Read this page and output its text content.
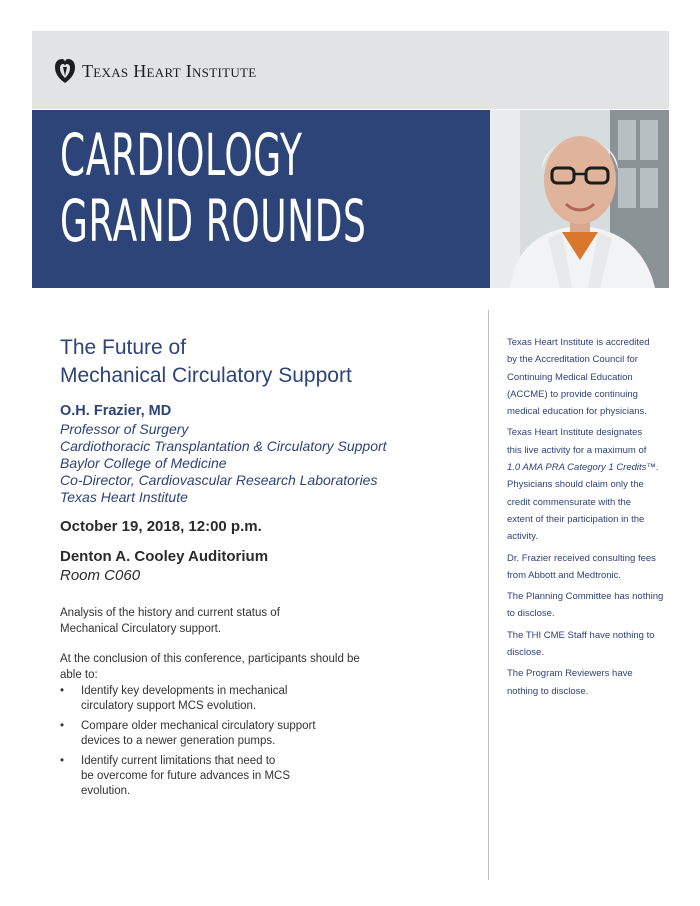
Texas Heart Institute
CARDIOLOGY
GRAND ROUNDS
The Future of
Mechanical Circulatory Support
O.H. Frazier, MD
Professor of Surgery
Cardiothoracic Transplantation & Circulatory Support
Baylor College of Medicine
Co-Director, Cardiovascular Research Laboratories
Texas Heart Institute
October 19, 2018, 12:00 p.m.
Denton A. Cooley Auditorium
Room C060
Analysis of the history and current status of
Mechanical Circulatory support.
At the conclusion of this conference, participants should be
able to:
• Identify key developments in mechanical
circulatory support MCS evolution.
• Compare older mechanical circulatory support
devices to a newer generation pumps.
• Identify current limitations that need to
be overcome for future advances in MCS
evolution.

Texas Heart Institute is accredited
by the Accreditation Council for
Continuing Medical Education
(ACCME) to provide continuing
medical education for physicians.

Texas Heart Institute designates
this live activity for a maximum of
1.0 AMA PRA Category 1 Credits™.
Physicians should claim only the
credit commensurate with the
extent of their participation in the
activity.

Dr. Frazier received consulting fees
from Abbott and Medtronic.

The Planning Committee has nothing
to disclose.

The THI CME Staff have nothing to
disclose.

The Program Reviewers have
nothing to disclose.
